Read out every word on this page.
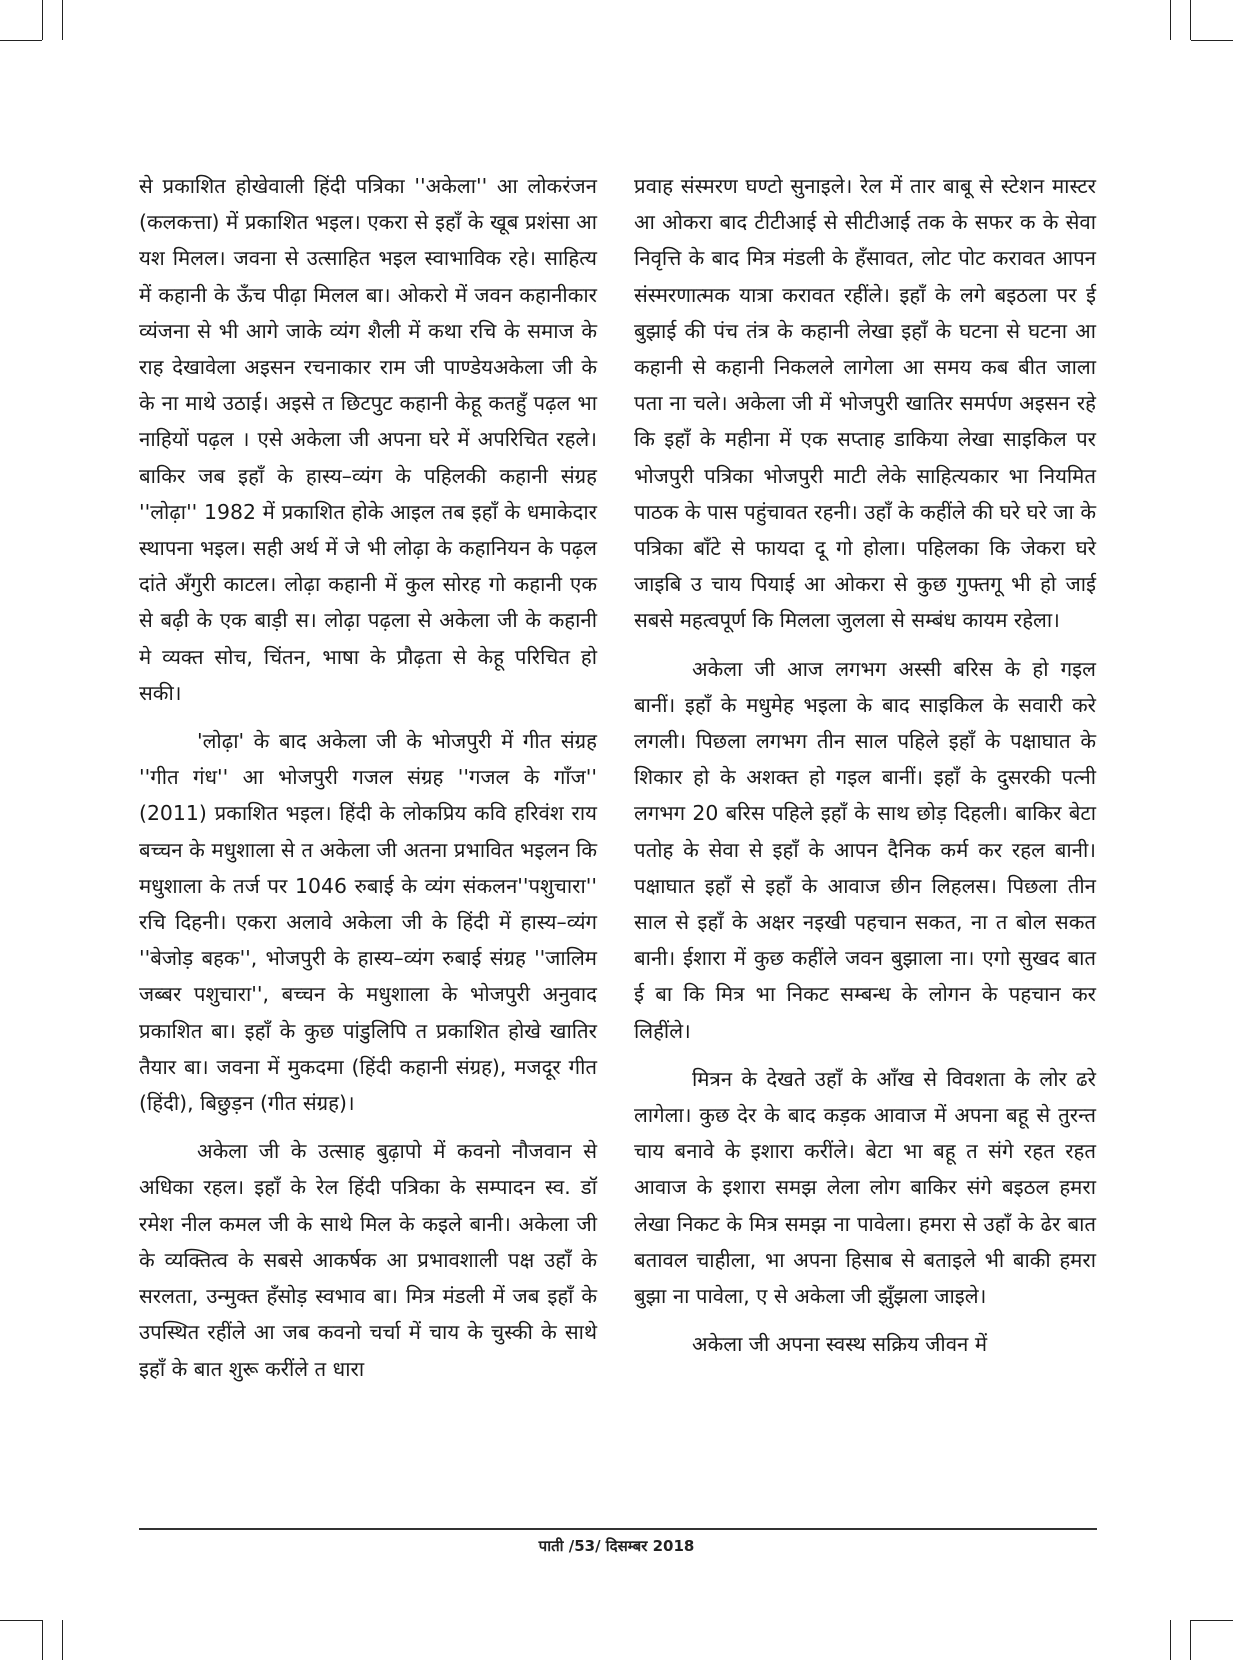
से प्रकाशित होखेवाली हिंदी पत्रिका ''अकेला'' आ लोकरंजन (कलकत्ता) में प्रकाशित भइल। एकरा से इहाँ के खूब प्रशंसा आ यश मिलल। जवना से उत्साहित भइल स्वाभाविक रहे। साहित्य में कहानी के ऊँच पीढ़ा मिलल बा। ओकरो में जवन कहानीकार व्यंजना से भी आगे जाके व्यंग शैली में कथा रचि के समाज के राह देखावेला अइसन रचनाकार राम जी पाण्डेयअकेला जी के के ना माथे उठाई। अइसे त छिटपुट कहानी केहू कतहुँ पढ़ल भा नाहियों पढ़ल । एसे अकेला जी अपना घरे में अपरिचित रहले। बाकिर जब इहाँ के हास्य–व्यंग के पहिलकी कहानी संग्रह ''लोढ़ा'' 1982 में प्रकाशित होके आइल तब इहाँ के धमाकेदार स्थापना भइल। सही अर्थ में जे भी लोढ़ा के कहानियन के पढ़ल दांते अँगुरी काटल। लोढ़ा कहानी में कुल सोरह गो कहानी एक से बढ़ी के एक बाड़ी स। लोढ़ा पढ़ला से अकेला जी के कहानी मे व्यक्त सोच, चिंतन, भाषा के प्रौढ़ता से केहू परिचित हो सकी।

'लोढ़ा' के बाद अकेला जी के भोजपुरी में गीत संग्रह ''गीत गंध'' आ भोजपुरी गजल संग्रह ''गजल के गाँज'' (2011) प्रकाशित भइल। हिंदी के लोकप्रिय कवि हरिवंश राय बच्चन के मधुशाला से त अकेला जी अतना प्रभावित भइलन कि मधुशाला के तर्ज पर 1046 रुबाई के व्यंग संकलन''पशुचारा'' रचि दिहनी। एकरा अलावे अकेला जी के हिंदी में हास्य–व्यंग ''बेजोड़ बहक'', भोजपुरी के हास्य–व्यंग रुबाई संग्रह ''जालिम जब्बर पशुचारा'', बच्चन के मधुशाला के भोजपुरी अनुवाद प्रकाशित बा। इहाँ के कुछ पांडुलिपि त प्रकाशित होखे खातिर तैयार बा। जवना में मुकदमा (हिंदी कहानी संग्रह), मजदूर गीत (हिंदी), बिछुड़न (गीत संग्रह)।

अकेला जी के उत्साह बुढ़ापो में कवनो नौजवान से अधिका रहल। इहाँ के रेल हिंदी पत्रिका के सम्पादन स्व. डॉ रमेश नील कमल जी के साथे मिल के कइले बानी। अकेला जी के व्यक्तित्व के सबसे आकर्षक आ प्रभावशाली पक्ष उहाँ के सरलता, उन्मुक्त हँसोड़ स्वभाव बा। मित्र मंडली में जब इहाँ के उपस्थित रहींले आ जब कवनो चर्चा में चाय के चुस्की के साथे इहाँ के बात शुरू करींले त धारा

प्रवाह संस्मरण घण्टो सुनाइले। रेल में तार बाबू से स्टेशन मास्टर आ ओकरा बाद टीटीआई से सीटीआई तक के सफर क के सेवा निवृत्ति के बाद मित्र मंडली के हँसावत, लोट पोट करावत आपन संस्मरणात्मक यात्रा करावत रहींले। इहाँ के लगे बइठला पर ई बुझाई की पंच तंत्र के कहानी लेखा इहाँ के घटना से घटना आ कहानी से कहानी निकलले लागेला आ समय कब बीत जाला पता ना चले। अकेला जी में भोजपुरी खातिर समर्पण अइसन रहे कि इहाँ के महीना में एक सप्ताह डाकिया लेखा साइकिल पर भोजपुरी पत्रिका भोजपुरी माटी लेके साहित्यकार भा नियमित पाठक के पास पहुंचावत रहनी। उहाँ के कहींले की घरे घरे जा के पत्रिका बाँटे से फायदा दू गो होला। पहिलका कि जेकरा घरे जाइबि उ चाय पियाई आ ओकरा से कुछ गुफ्तगू भी हो जाई सबसे महत्वपूर्ण कि मिलला जुलला से सम्बंध कायम रहेला।

अकेला जी आज लगभग अस्सी बरिस के हो गइल बानीं। इहाँ के मधुमेह भइला के बाद साइकिल के सवारी करे लगली। पिछला लगभग तीन साल पहिले इहाँ के पक्षाघात के शिकार हो के अशक्त हो गइल बानीं। इहाँ के दुसरकी पत्नी लगभग 20 बरिस पहिले इहाँ के साथ छोड़ दिहली। बाकिर बेटा पतोह के सेवा से इहाँ के आपन दैनिक कर्म कर रहल बानी। पक्षाघात इहाँ से इहाँ के आवाज छीन लिहलस। पिछला तीन साल से इहाँ के अक्षर नइखी पहचान सकत, ना त बोल सकत बानी। ईशारा में कुछ कहींले जवन बुझाला ना। एगो सुखद बात ई बा कि मित्र भा निकट सम्बन्ध के लोगन के पहचान कर लिहींले।

मित्रन के देखते उहाँ के आँख से विवशता के लोर ढरे लागेला। कुछ देर के बाद कड़क आवाज में अपना बहू से तुरन्त चाय बनावे के इशारा करींले। बेटा भा बहू त संगे रहत रहत आवाज के इशारा समझ लेला लोग बाकिर संगे बइठल हमरा लेखा निकट के मित्र समझ ना पावेला। हमरा से उहाँ के ढेर बात बतावल चाहीला, भा अपना हिसाब से बताइले भी बाकी हमरा बुझा ना पावेला, ए से अकेला जी झुँझला जाइले।

अकेला जी अपना स्वस्थ सक्रिय जीवन में

पाती /53/ दिसम्बर 2018
